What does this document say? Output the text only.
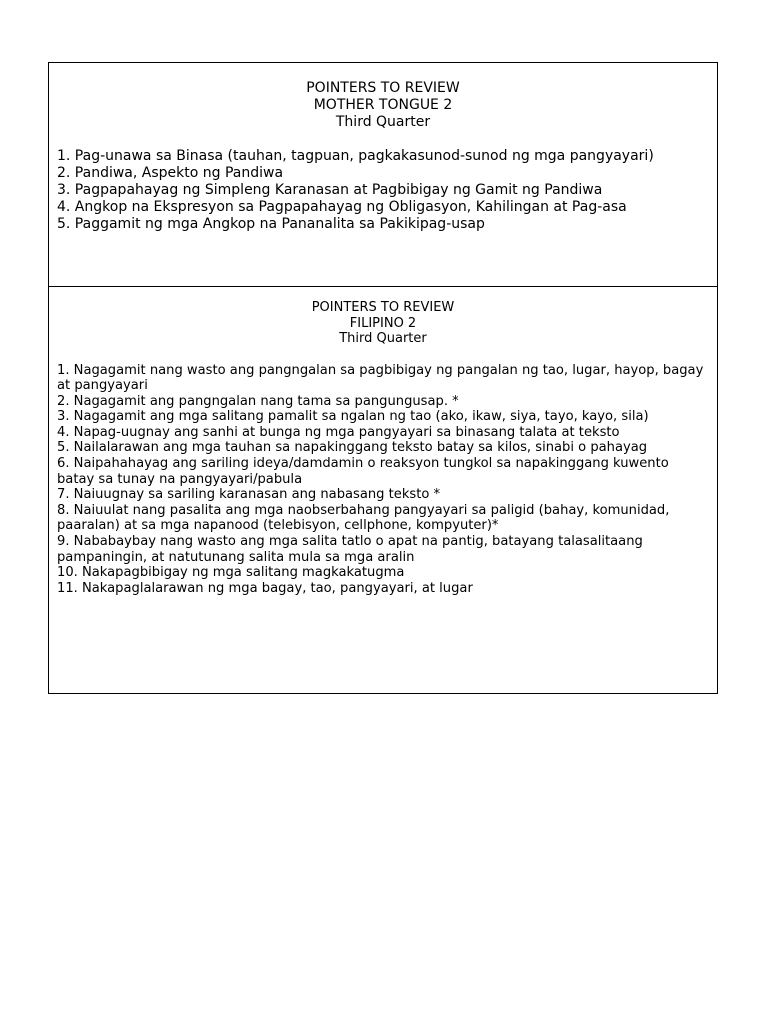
POINTERS TO REVIEW
MOTHER TONGUE 2
Third Quarter
1. Pag-unawa sa Binasa (tauhan, tagpuan, pagkakasunod-sunod ng mga pangyayari)
2. Pandiwa, Aspekto ng Pandiwa
3. Pagpapahayag ng Simpleng Karanasan at Pagbibigay ng Gamit ng Pandiwa
4. Angkop na Ekspresyon sa Pagpapahayag ng Obligasyon, Kahilingan at Pag-asa
5. Paggamit ng mga Angkop na Pananalita sa Pakikipag-usap
POINTERS TO REVIEW
FILIPINO 2
Third Quarter
1. Nagagamit nang wasto ang pangngalan sa pagbibigay ng pangalan ng tao, lugar, hayop, bagay at pangyayari
2. Nagagamit ang pangngalan nang tama sa pangungusap. *
3. Nagagamit ang mga salitang pamalit sa ngalan ng tao (ako, ikaw, siya, tayo, kayo, sila)
4. Napag-uugnay ang sanhi at bunga ng mga pangyayari sa binasang talata at teksto
5. Nailalarawan ang mga tauhan sa napakinggang teksto batay sa kilos, sinabi o pahayag
6. Naipahahayag ang sariling ideya/damdamin o reaksyon tungkol sa napakinggang kuwento batay sa tunay na pangyayari/pabula
7. Naiuugnay sa sariling karanasan ang nabasang teksto *
8. Naiuulat nang pasalita ang mga naobserbahang pangyayari sa paligid (bahay, komunidad, paaralan) at sa mga napanood (telebisyon, cellphone, kompyuter)*
9. Nababaybay nang wasto ang mga salita tatlo o apat na pantig, batayang talasalitaang pampaningin, at natutunang salita mula sa mga aralin
10. Nakapagbibigay ng mga salitang magkakatugma
11. Nakapaglalarawan ng mga bagay, tao, pangyayari, at lugar
